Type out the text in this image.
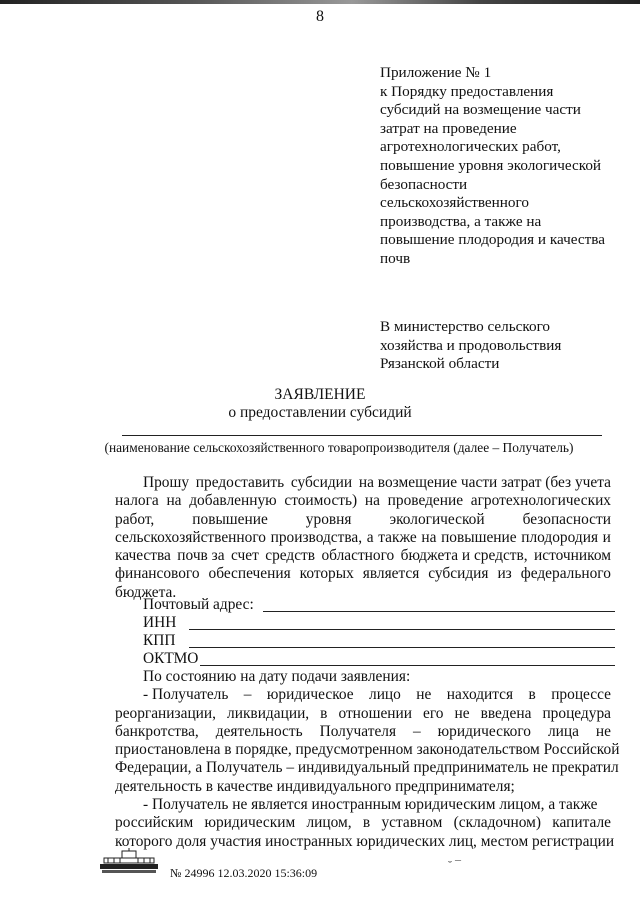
8
Приложение № 1
к Порядку предоставления
субсидий на возмещение части
затрат на проведение
агротехнологических работ,
повышение уровня экологической
безопасности
сельскохозяйственного
производства, а также на
повышение плодородия и качества
почв
В министерство сельского
хозяйства и продовольствия
Рязанской области
ЗАЯВЛЕНИЕ
о предоставлении субсидий
(наименование сельскохозяйственного товаропроизводителя (далее – Получатель)
Прошу предоставить субсидии на возмещение части затрат (без учета
налога на добавленную стоимость) на проведение агротехнологических
работ, повышение уровня экологической безопасности
сельскохозяйственного производства, а также на повышение плодородия и
качества почв за счет средств областного бюджета и средств, источником
финансового обеспечения которых является субсидия из федерального
бюджета.
Почтовый адрес:
ИНН
КПП
ОКТМО
По состоянию на дату подачи заявления:
- Получатель – юридическое лицо не находится в процессе
реорганизации, ликвидации, в отношении его не введена процедура
банкротства, деятельность Получателя – юридического лица не
приостановлена в порядке, предусмотренном законодательством Российской
Федерации, а Получатель – индивидуальный предприниматель не прекратил
деятельность в качестве индивидуального предпринимателя;
- Получатель не является иностранным юридическим лицом, а также
российским юридическим лицом, в уставном (складочном) капитале
которого доля участия иностранных юридических лиц, местом регистрации
№ 24996 12.03.2020 15:36:09
˘ ¯
